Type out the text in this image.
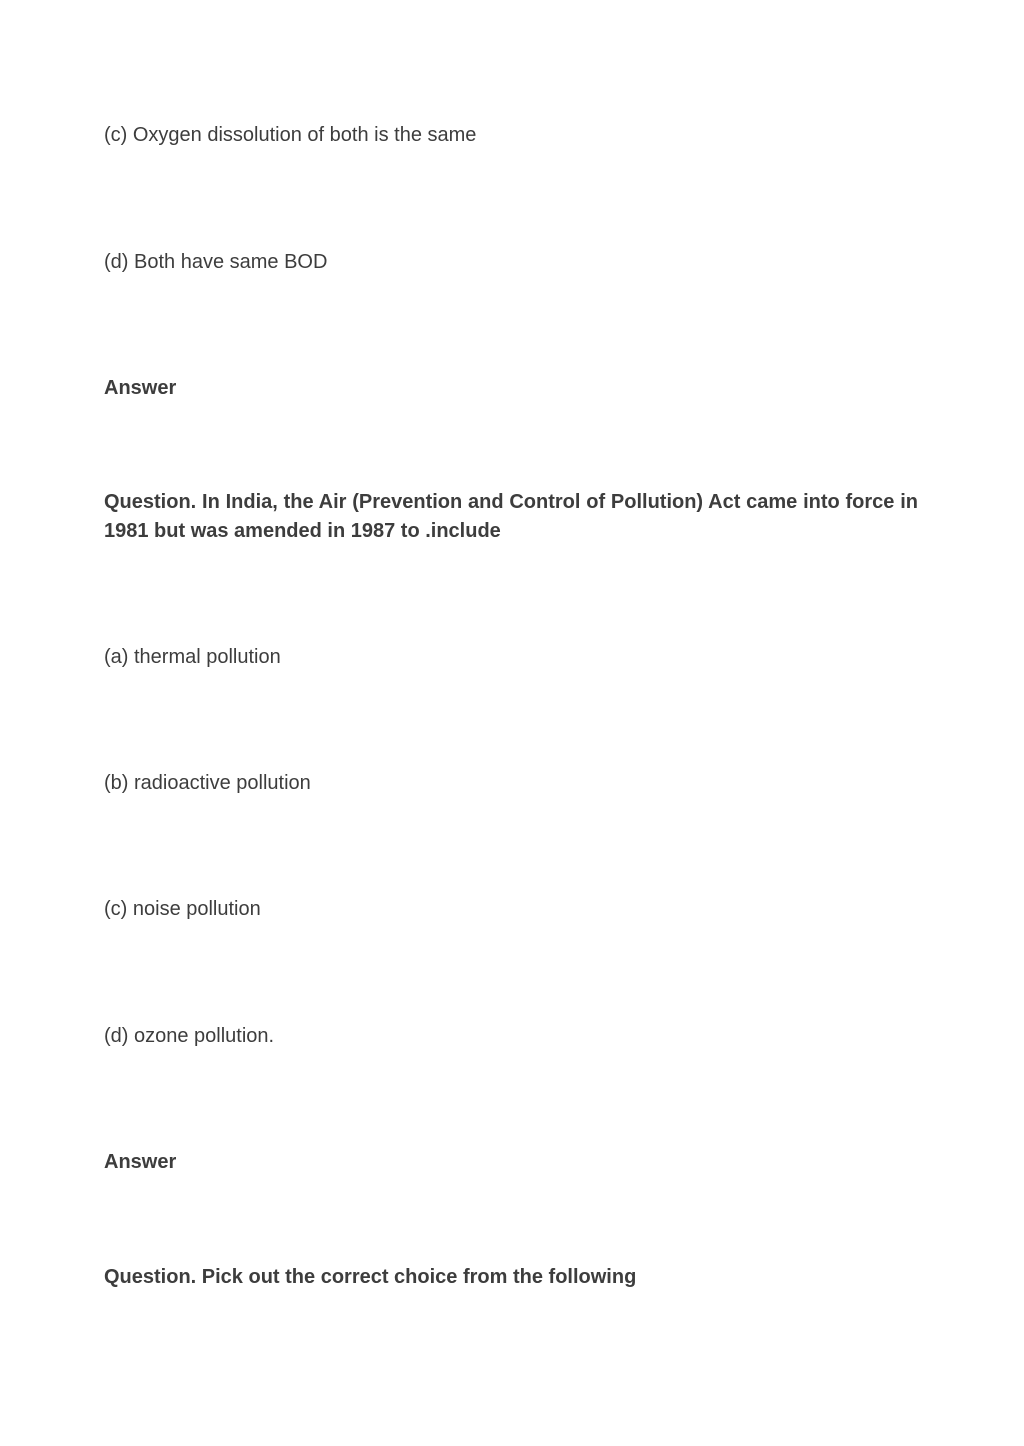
(c) Oxygen dissolution of both is the same

(d) Both have same BOD

Answer

Question. In India, the Air (Prevention and Control of Pollution) Act came into force in 1981 but was amended in 1987 to .include

(a) thermal pollution

(b) radioactive pollution

(c) noise pollution

(d) ozone pollution.

Answer

Question. Pick out the correct choice from the following
